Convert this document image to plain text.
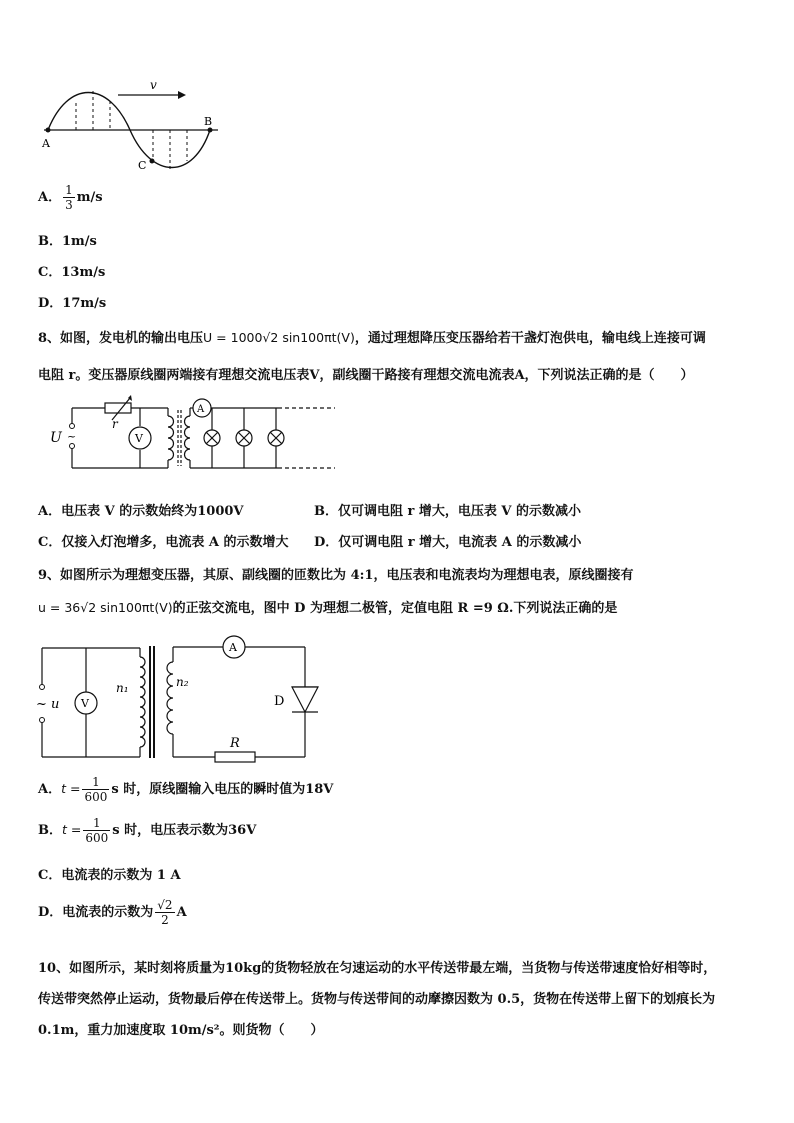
v
A
B
C
A． $\frac{1}{3} m/s$
B．1m/s
C．13m/s
D．17m/s
8、如图，发电机的输出电压U = 1000√2 sin100πt(V)，通过理想降压变压器给若干盏灯泡供电，输电线上连接可调
电阻 r。变压器原线圈两端接有理想交流电压表V，副线圈干路接有理想交流电流表A，下列说法正确的是（　　）
~
U
r
V
A
A．电压表 V 的示数始终为1000V	B．仅可调电阻 r 增大，电压表 V 的示数减小
C．仅接入灯泡增多，电流表 A 的示数增大 D．仅可调电阻 r 增大，电流表 A 的示数减小
9、如图所示为理想变压器，其原、副线圈的匝数比为 4:1，电压表和电流表均为理想电表，原线圈接有
u = 36√2 sin100πt(V)的正弦交流电，图中 D 为理想二极管，定值电阻 R =9 Ω.下列说法正确的是
~ u V
n₁	n₂
A
D
R
A．$t = \frac{1}{600}$ s 时，原线圈输入电压的瞬时值为18V
B．$t = \frac{1}{600}$ s 时，电压表示数为36V
C．电流表的示数为 1 A
D．电流表的示数为 $\frac{√2}{2}$ A
10、如图所示，某时刻将质量为10kg的货物轻放在匀速运动的水平传送带最左端，当货物与传送带速度恰好相等时，
传送带突然停止运动，货物最后停在传送带上。货物与传送带间的动摩擦因数为 0.5，货物在传送带上留下的划痕长为
0.1m，重力加速度取 10m/s²。则货物（　　）
